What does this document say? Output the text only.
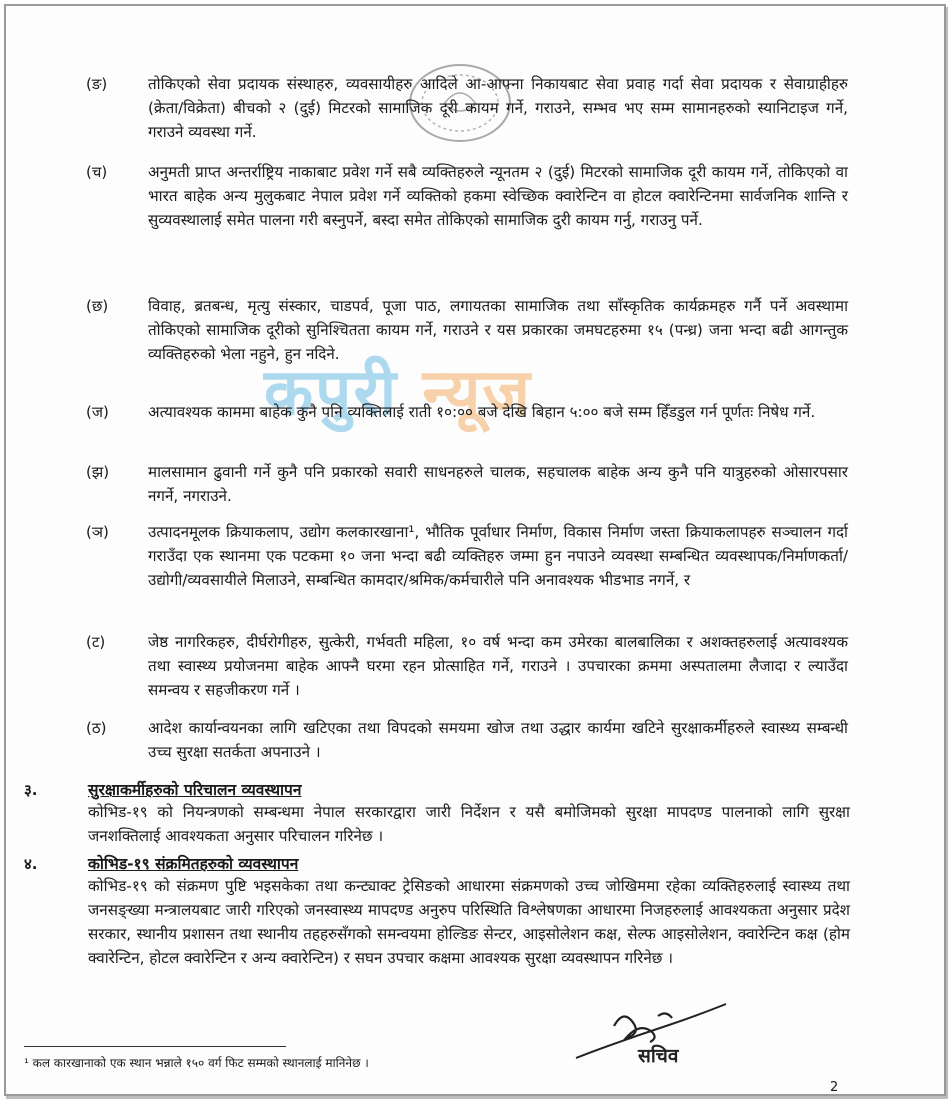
कपुरी न्यूज
(ङ)	तोकिएको सेवा प्रदायक संस्थाहरु, व्यवसायीहरु आदिले आ-आफ्ना निकायबाट सेवा प्रवाह गर्दा सेवा प्रदायक र सेवाग्राहीहरु (क्रेता/विक्रेता) बीचको २ (दुई) मिटरको सामाजिक दूरी कायम गर्ने, गराउने, सम्भव भए सम्म सामानहरुको स्यानिटाइज गर्ने, गराउने व्यवस्था गर्ने.
(च)	अनुमती प्राप्त अन्तर्राष्ट्रिय नाकाबाट प्रवेश गर्ने सबै व्यक्तिहरुले न्यूनतम २ (दुई) मिटरको सामाजिक दूरी कायम गर्ने, तोकिएको वा भारत बाहेक अन्य मुलुकबाट नेपाल प्रवेश गर्ने व्यक्तिको हकमा स्वेच्छिक क्वारेन्टिन वा होटल क्वारेन्टिनमा सार्वजनिक शान्ति र सुव्यवस्थालाई समेत पालना गरी बस्नुपर्ने, बस्दा समेत तोकिएको सामाजिक दुरी कायम गर्नु, गराउनु पर्ने.
(छ)	विवाह, ब्रतबन्ध, मृत्यु संस्कार, चाडपर्व, पूजा पाठ, लगायतका सामाजिक तथा साँस्कृतिक कार्यक्रमहरु गर्नै पर्ने अवस्थामा तोकिएको सामाजिक दूरीको सुनिश्चितता कायम गर्ने, गराउने र यस प्रकारका जमघटहरुमा १५ (पन्ध्र) जना भन्दा बढी आगन्तुक व्यक्तिहरुको भेला नहुने, हुन नदिने.
(ज)	अत्यावश्यक काममा बाहेक कुनै पनि व्यक्तिलाई राती १०:०० बजे देखि बिहान ५:०० बजे सम्म हिँडडुल गर्न पूर्णतः निषेध गर्ने.
(झ)	मालसामान ढुवानी गर्ने कुनै पनि प्रकारको सवारी साधनहरुले चालक, सहचालक बाहेक अन्य कुनै पनि यात्रुहरुको ओसारपसार नगर्ने, नगराउने.
(ञ)	उत्पादनमूलक क्रियाकलाप, उद्योग कलकारखाना¹, भौतिक पूर्वाधार निर्माण, विकास निर्माण जस्ता क्रियाकलापहरु सञ्चालन गर्दा गराउँदा एक स्थानमा एक पटकमा १० जना भन्दा बढी व्यक्तिहरु जम्मा हुन नपाउने व्यवस्था सम्बन्धित व्यवस्थापक/निर्माणकर्ता/उद्योगी/व्यवसायीले मिलाउने, सम्बन्धित कामदार/श्रमिक/कर्मचारीले पनि अनावश्यक भीडभाड नगर्ने, र
(ट)	जेष्ठ नागरिकहरु, दीर्घरोगीहरु, सुत्केरी, गर्भवती महिला, १० वर्ष भन्दा कम उमेरका बालबालिका र अशक्तहरुलाई अत्यावश्यक तथा स्वास्थ्य प्रयोजनमा बाहेक आफ्नै घरमा रहन प्रोत्साहित गर्ने, गराउने । उपचारका क्रममा अस्पतालमा लैजादा र ल्याउँदा समन्वय र सहजीकरण गर्ने ।
(ठ)	आदेश कार्यान्वयनका लागि खटिएका तथा विपदको समयमा खोज तथा उद्धार कार्यमा खटिने सुरक्षाकर्मीहरुले स्वास्थ्य सम्बन्धी उच्च सुरक्षा सतर्कता अपनाउने ।
३.	सुरक्षाकर्मीहरुको परिचालन व्यवस्थापन
कोभिड-१९ को नियन्त्रणको सम्बन्धमा नेपाल सरकारद्वारा जारी निर्देशन र यसै बमोजिमको सुरक्षा मापदण्ड पालनाको लागि सुरक्षा जनशक्तिलाई आवश्यकता अनुसार परिचालन गरिनेछ ।
४.	कोभिड-१९ संक्रमितहरुको व्यवस्थापन
कोभिड-१९ को संक्रमण पुष्टि भइसकेका तथा कन्ट्याक्ट ट्रेसिङको आधारमा संक्रमणको उच्च जोखिममा रहेका व्यक्तिहरुलाई स्वास्थ्य तथा जनसङ्ख्या मन्त्रालयबाट जारी गरिएको जनस्वास्थ्य मापदण्ड अनुरुप परिस्थिति विश्लेषणका आधारमा निजहरुलाई आवश्यकता अनुसार प्रदेश सरकार, स्थानीय प्रशासन तथा स्थानीय तहहरुसँगको समन्वयमा होल्डिङ सेन्टर, आइसोलेशन कक्ष, सेल्फ आइसोलेशन, क्वारेन्टिन कक्ष (होम क्वारेन्टिन, होटल क्वारेन्टिन र अन्य क्वारेन्टिन) र सघन उपचार कक्षमा आवश्यक सुरक्षा व्यवस्थापन गरिनेछ ।
सचिव
¹ कल कारखानाको एक स्थान भन्नाले १५० वर्ग फिट सम्मको स्थानलाई मानिनेछ ।
2
